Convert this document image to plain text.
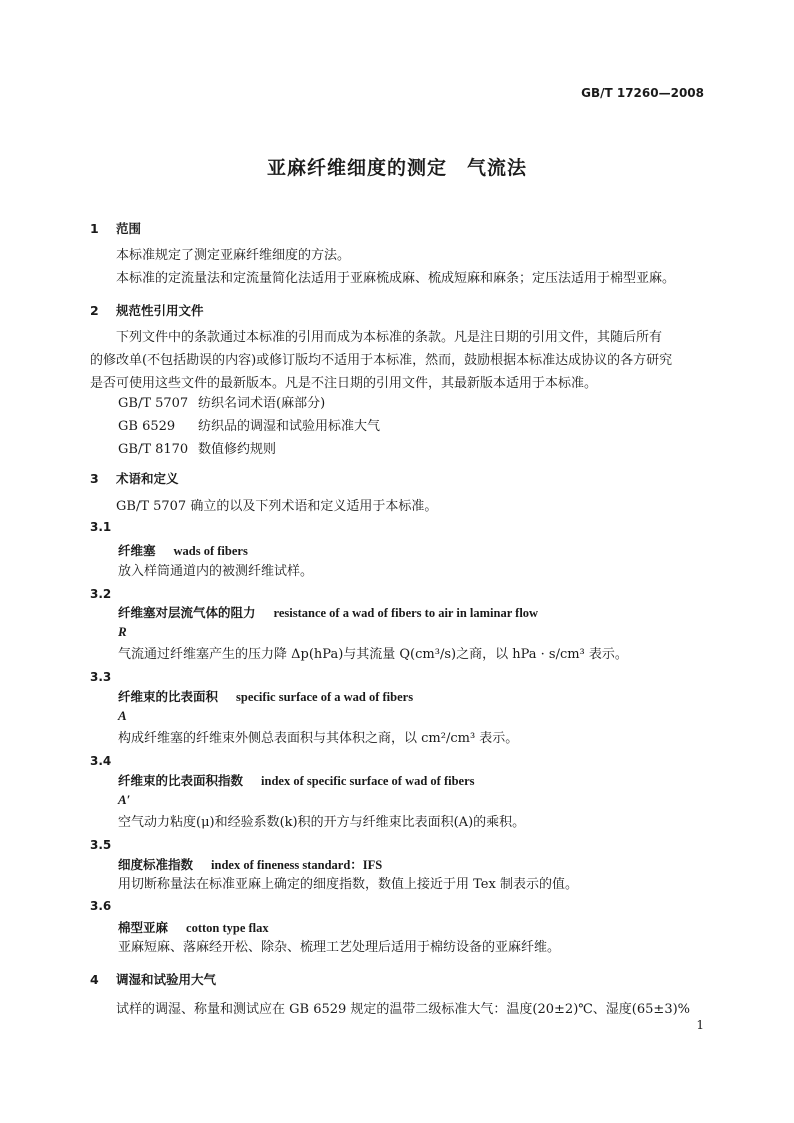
GB/T 17260—2008
亚麻纤维细度的测定　气流法
1 范围
本标准规定了测定亚麻纤维细度的方法。
本标准的定流量法和定流量简化法适用于亚麻梳成麻、梳成短麻和麻条；定压法适用于棉型亚麻。
2 规范性引用文件
下列文件中的条款通过本标准的引用而成为本标准的条款。凡是注日期的引用文件，其随后所有
的修改单(不包括勘误的内容)或修订版均不适用于本标准，然而，鼓励根据本标准达成协议的各方研究
是否可使用这些文件的最新版本。凡是不注日期的引用文件，其最新版本适用于本标准。
GB/T 5707 纺织名词术语(麻部分)
GB 6529 纺织品的调湿和试验用标准大气
GB/T 8170 数值修约规则
3 术语和定义
GB/T 5707 确立的以及下列术语和定义适用于本标准。
3.1
纤维塞 wads of fibers
放入样筒通道内的被测纤维试样。
3.2
纤维塞对层流气体的阻力 resistance of a wad of fibers to air in laminar flow
R
气流通过纤维塞产生的压力降 Δp(hPa)与其流量 Q(cm³/s)之商，以 hPa · s/cm³ 表示。
3.3
纤维束的比表面积 specific surface of a wad of fibers
A
构成纤维塞的纤维束外侧总表面积与其体积之商，以 cm²/cm³ 表示。
3.4
纤维束的比表面积指数 index of specific surface of wad of fibers
A′
空气动力粘度(μ)和经验系数(k)积的开方与纤维束比表面积(A)的乘积。
3.5
细度标准指数 index of fineness standard：IFS
用切断称量法在标准亚麻上确定的细度指数，数值上接近于用 Tex 制表示的值。
3.6
棉型亚麻 cotton type flax
亚麻短麻、落麻经开松、除杂、梳理工艺处理后适用于棉纺设备的亚麻纤维。
4 调湿和试验用大气
试样的调湿、称量和测试应在 GB 6529 规定的温带二级标准大气：温度(20±2)℃、湿度(65±3)%
1
